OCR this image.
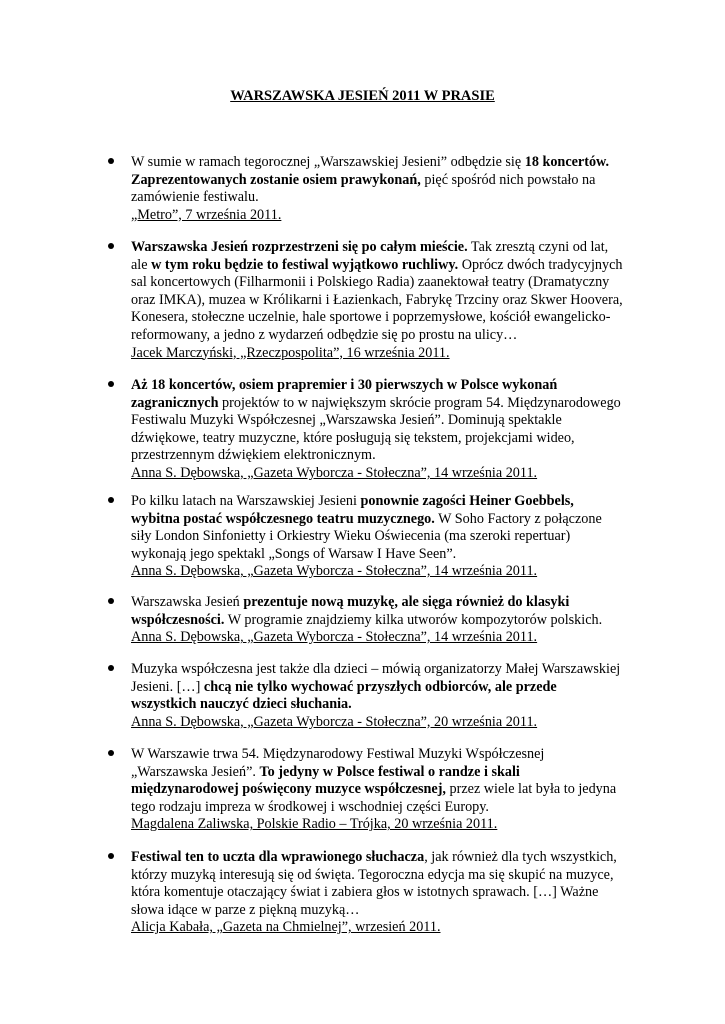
WARSZAWSKA JESIEŃ 2011 W PRASIE
W sumie w ramach tegorocznej „Warszawskiej Jesieni” odbędzie się 18 koncertów.
Zaprezentowanych zostanie osiem prawykonań, pięć spośród nich powstało na
zamówienie festiwalu.
„Metro”, 7 września 2011.
Warszawska Jesień rozprzestrzeni się po całym mieście. Tak zresztą czyni od lat,
ale w tym roku będzie to festiwal wyjątkowo ruchliwy. Oprócz dwóch tradycyjnych
sal koncertowych (Filharmonii i Polskiego Radia) zaanektował teatry (Dramatyczny
oraz IMKA), muzea w Królikarni i Łazienkach, Fabrykę Trzciny oraz Skwer Hoovera,
Konesera, stołeczne uczelnie, hale sportowe i poprzemysłowe, kościół ewangelicko-
reformowany, a jedno z wydarzeń odbędzie się po prostu na ulicy…
Jacek Marczyński, „Rzeczpospolita”, 16 września 2011.
Aż 18 koncertów, osiem prapremier i 30 pierwszych w Polsce wykonań
zagranicznych projektów to w największym skrócie program 54. Międzynarodowego
Festiwalu Muzyki Współczesnej „Warszawska Jesień”. Dominują spektakle
dźwiękowe, teatry muzyczne, które posługują się tekstem, projekcjami wideo,
przestrzennym dźwiękiem elektronicznym.
Anna S. Dębowska, „Gazeta Wyborcza - Stołeczna”, 14 września 2011.
Po kilku latach na Warszawskiej Jesieni ponownie zagości Heiner Goebbels,
wybitna postać współczesnego teatru muzycznego. W Soho Factory z połączone
siły London Sinfonietty i Orkiestry Wieku Oświecenia (ma szeroki repertuar)
wykonają jego spektakl „Songs of Warsaw I Have Seen”.
Anna S. Dębowska, „Gazeta Wyborcza - Stołeczna”, 14 września 2011.
Warszawska Jesień prezentuje nową muzykę, ale sięga również do klasyki
współczesności. W programie znajdziemy kilka utworów kompozytorów polskich.
Anna S. Dębowska, „Gazeta Wyborcza - Stołeczna”, 14 września 2011.
Muzyka współczesna jest także dla dzieci – mówią organizatorzy Małej Warszawskiej
Jesieni. […] chcą nie tylko wychować przyszłych odbiorców, ale przede
wszystkich nauczyć dzieci słuchania.
Anna S. Dębowska, „Gazeta Wyborcza - Stołeczna”, 20 września 2011.
W Warszawie trwa 54. Międzynarodowy Festiwal Muzyki Współczesnej
„Warszawska Jesień”. To jedyny w Polsce festiwal o randze i skali
międzynarodowej poświęcony muzyce współczesnej, przez wiele lat była to jedyna
tego rodzaju impreza w środkowej i wschodniej części Europy.
Magdalena Zaliwska, Polskie Radio – Trójka, 20 września 2011.
Festiwal ten to uczta dla wprawionego słuchacza, jak również dla tych wszystkich,
którzy muzyką interesują się od święta. Tegoroczna edycja ma się skupić na muzyce,
która komentuje otaczający świat i zabiera głos w istotnych sprawach. […] Ważne
słowa idące w parze z piękną muzyką…
Alicja Kabała, „Gazeta na Chmielnej”, wrzesień 2011.
